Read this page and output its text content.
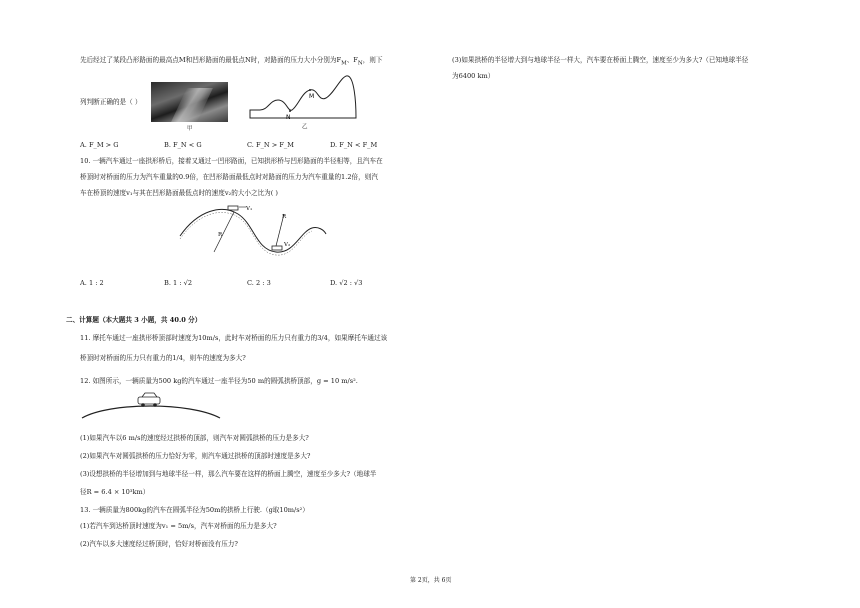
先后经过了某段凸形路面的最高点M和凹形路面的最低点N时，对路面的压力大小分别为$F_M$、$F_N$，则下
列判断正确的是（ ）
甲
N
M
乙
A. F_M > G	B. F_N < G	C. F_N > F_M	D. F_N < F_M
10. 一辆汽车通过一座拱形桥后，接着又通过一凹形路面，已知拱形桥与凹形路面的半径相等，且汽车在
桥顶时对桥面的压力为汽车重量的0.9倍，在凹形路面最低点时对路面的压力为汽车重量的1.2倍，则汽
车在桥顶的速度v₁与其在凹形路面最低点时的速度v₂的大小之比为( )
V₁
R
V₂
R
A. 1 : 2	B. 1 : √2	C. 2 : 3	D. √2 : √3
二、计算题（本大题共 3 小题，共 40.0 分）
11. 摩托车通过一座拱形桥顶部时速度为10m/s，此时车对桥面的压力只有重力的3/4，如果摩托车通过该
桥顶时对桥面的压力只有重力的1/4，则车的速度为多大?
12. 如图所示，一辆质量为500 kg的汽车通过一座半径为50 m的圆弧拱桥顶部，g = 10 m/s².
(1)如果汽车以6 m/s的速度经过拱桥的顶部，则汽车对圆弧拱桥的压力是多大?
(2)如果汽车对圆弧拱桥的压力恰好为零，则汽车通过拱桥的顶部时速度是多大?
(3)设想拱桥的半径增加到与地球半径一样，那么汽车要在这样的桥面上腾空，速度至少多大?（地球半
径R = 6.4 × 10³km）
13. 一辆质量为800kg的汽车在圆弧半径为50m的拱桥上行驶.（g取10m/s²）
(1)若汽车到达桥顶时速度为v₁ = 5m/s，汽车对桥面的压力是多大?
(2)汽车以多大速度经过桥顶时，恰好对桥面没有压力?
(3)如果拱桥的半径增大到与地球半径一样大，汽车要在桥面上腾空，速度至少为多大?（已知地球半径
为6400 km）
第 2页，共 6页
